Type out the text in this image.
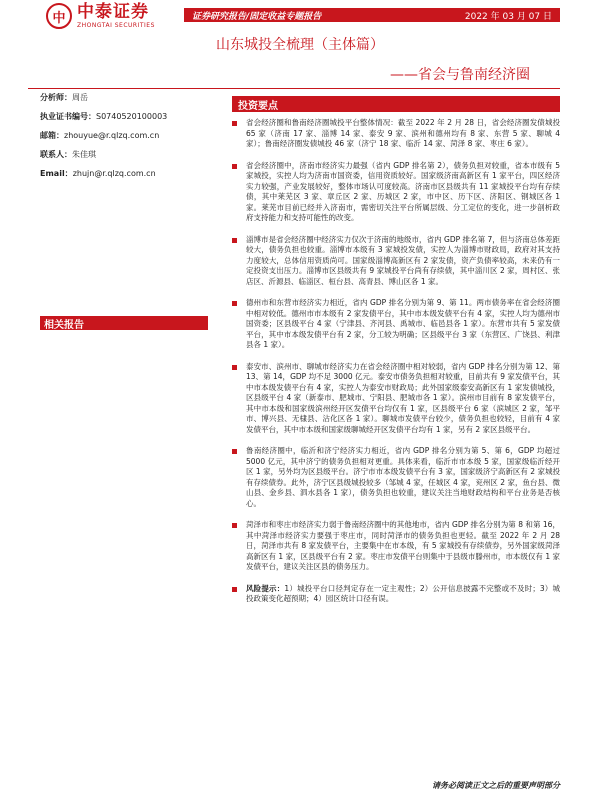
中 中泰证券
ZHONGTAI SECURITIES
证券研究报告/固定收益专题报告	2022 年 03 月 07 日
山东城投全梳理（主体篇）
——省会与鲁南经济圈
分析师：周岳
执业证书编号：S0740520100003
邮箱：zhouyue@r.qlzq.com.cn
联系人：朱佳琪
Email：zhujn@r.qlzq.com.cn
相关报告
投资要点
省会经济圈和鲁南经济圈城投平台整体情况：截至 2022 年 2 月 28 日，省会经济圈发债城投 65 家（济南 17 家、淄博 14 家、泰安 9 家、滨州和德州均有 8 家、东营 5 家、聊城 4 家）；鲁南经济圈发债城投 46 家（济宁 18 家、临沂 14 家、菏泽 8 家、枣庄 6 家）。
省会经济圈中，济南市经济实力最强（省内 GDP 排名第 2），债务负担对较重，省本市级有 5 家城投，实控人均为济南市国资委，信用资质较好。国家级济南高新区有 1 家平台，四区经济实力较强，产业发展较好，整体市场认可度较高。济南市区县级共有 11 家城投平台均有存续债，其中莱芜区 3 家、章丘区 2 家、历城区 2 家，市中区、历下区、济阳区、钢城区各 1 家。莱芜市目前已经并入济南市，需密切关注平台所属层级、分工定位的变化，进一步剖析政府支持能力和支持可能性的改变。
淄博市是省会经济圈中经济实力仅次于济南的地级市，省内 GDP 排名第 7，但与济南总体差距较大，债务负担也较重。淄博市本级有 3 家城投发债，实控人为淄博市财政局，政府对其支持力度较大，总体信用资质尚可。国家级淄博高新区有 2 家发债，资产负债率较高，未来仍有一定投资支出压力。淄博市区县级共有 9 家城投平台尚有存续债，其中淄川区 2 家，周村区、张店区、沂源县、临淄区、桓台县、高青县、博山区各 1 家。
德州市和东营市经济实力相近，省内 GDP 排名分别为第 9、第 11。两市债务率在省会经济圈中相对较低。德州市市本级有 2 家发债平台，其中市本级发债平台有 4 家，实控人均为德州市国资委；区县级平台 4 家（宁津县、齐河县、禹城市、临邑县各 1 家）。东营市共有 5 家发债平台，其中市本级发债平台有 2 家，分工较为明确；区县级平台 3 家（东营区、广饶县、利津县各 1 家）。
泰安市、滨州市、聊城市经济实力在省会经济圈中相对较弱，省内 GDP 排名分别为第 12、第 13、第 14，GDP 均不足 3000 亿元。泰安市债务负担相对较重，目前共有 9 家发债平台，其中市本级发债平台有 4 家，实控人为泰安市财政局；此外国家级泰安高新区有 1 家发债城投，区县级平台 4 家（新泰市、肥城市、宁阳县、肥城市各 1 家）。滨州市目前有 8 家发债平台，其中市本级和国家级滨州经开区发债平台均仅有 1 家，区县级平台 6 家（滨城区 2 家，邹平市、博兴县、无棣县、沾化区各 1 家）。聊城市发债平台较少，债务负担也较轻，目前有 4 家发债平台，其中市本级和国家级聊城经开区发债平台均有 1 家，另有 2 家区县级平台。
鲁南经济圈中，临沂和济宁经济实力相近，省内 GDP 排名分别为第 5、第 6，GDP 均超过 5000 亿元，其中济宁的债务负担相对更重。具体来看，临沂市市本级 5 家，国家级临沂经开区 1 家，另外均为区县级平台。济宁市市本级发债平台有 3 家，国家级济宁高新区有 2 家城投有存续债券。此外，济宁区县级城投较多（邹城 4 家，任城区 4 家，兖州区 2 家，鱼台县、微山县、金乡县、泗水县各 1 家），债务负担也较重，建议关注当地财政结构和平台业务是否核心。
菏泽市和枣庄市经济实力弱于鲁南经济圈中的其他地市，省内 GDP 排名分别为第 8 和第 16，其中菏泽市经济实力要强于枣庄市，同时菏泽市的债务负担也更轻。截至 2022 年 2 月 28 日，菏泽市共有 8 家发债平台，主要集中在市本级，有 5 家城投有存续债券，另外国家级菏泽高新区有 1 家，区县级平台有 2 家。枣庄市发债平台则集中于县级市滕州市，市本级仅有 1 家发债平台，建议关注区县的债务压力。
风险提示：1）城投平台口径判定存在一定主观性；2）公开信息披露不完整或不及时；3）城投政策变化超预期；4）园区统计口径有误。
请务必阅读正文之后的重要声明部分
